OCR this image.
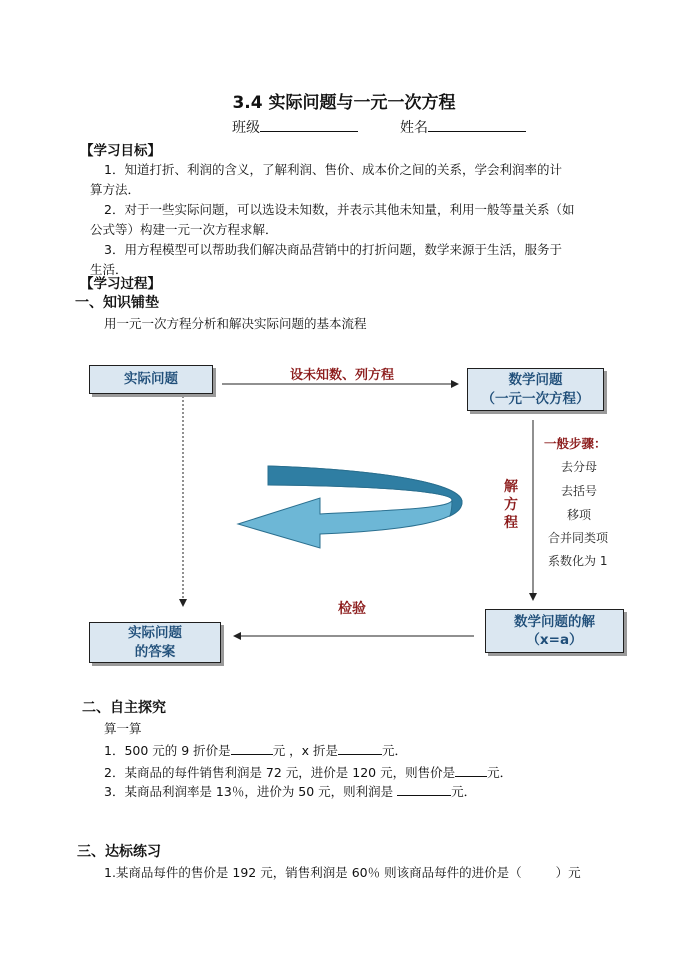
3.4 实际问题与一元一次方程
班级	姓名
【学习目标】
1．知道打折、利润的含义，了解利润、售价、成本价之间的关系，学会利润率的计
算方法．
2．对于一些实际问题，可以选设未知数，并表示其他未知量，利用一般等量关系（如
公式等）构建一元一次方程求解．
3．用方程模型可以帮助我们解决商品营销中的打折问题，数学来源于生活，服务于
生活．
【学习过程】
一、知识铺垫
用一元一次方程分析和解决实际问题的基本流程
实际问题	数学问题
（一元一次方程）
数学问题的解
（x=a）
实际问题
的答案
设未知数、列方程
解
方
程
检验
一般步骤：
去分母
去括号
移项
合并同类项
系数化为 1
二、自主探究
算一算
1．500 元的 9 折价是	元 ，x 折是	元．
2．某商品的每件销售利润是 72 元，进价是 120 元，则售价是	元．
3．某商品利润率是 13％，进价为 50 元，则利润是	元．
三、达标练习
1.某商品每件的售价是 192 元，销售利润是 60％ 则该商品每件的进价是（	）元
